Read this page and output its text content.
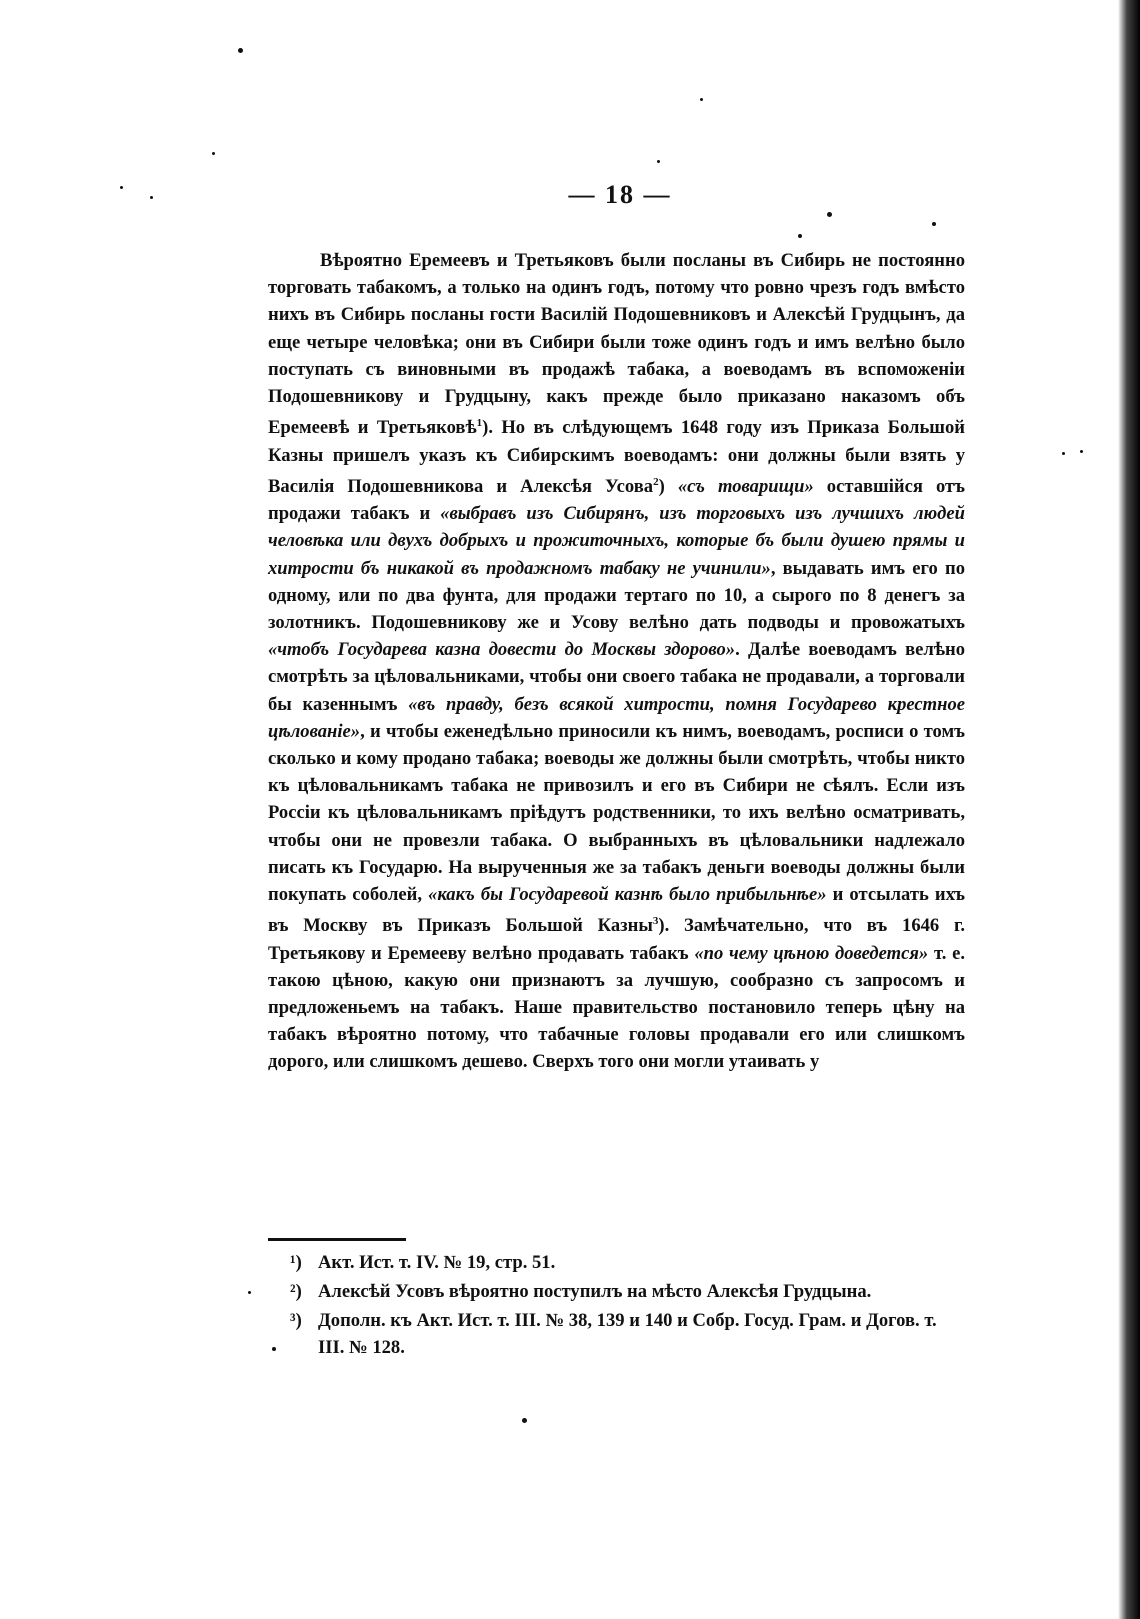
— 18 —

Вѣроятно Еремеевъ и Третьяковъ были посланы въ Сибирь не постоянно торговать табакомъ, а только на одинъ годъ, потому что ровно чрезъ годъ вмѣсто нихъ въ Сибирь посланы гости Василій Подошевниковъ и Алексѣй Грудцынъ, да еще четыре человѣка; они въ Сибири были тоже одинъ годъ и имъ велѣно было поступать съ виновными въ продажѣ табака, а воеводамъ въ вспоможеніи Подошевникову и Грудцыну, какъ прежде было приказано наказомъ объ Еремеевѣ и Третьяковѣ$^1$). Но въ слѣдующемъ 1648 году изъ Приказа Большой Казны пришелъ указъ къ Сибирскимъ воеводамъ: они должны были взять у Василія Подошевникова и Алексѣя Усова$^2$) «съ товарищи» оставшійся отъ продажи табакъ и «выбравъ изъ Сибирянъ, изъ торговыхъ изъ лучшихъ людей человѣка или двухъ добрыхъ и прожиточныхъ, которые бъ были душею прямы и хитрости бъ никакой въ продажномъ табаку не учинили», выдавать имъ его по одному, или по два фунта, для продажи тертаго по 10, а сырого по 8 денегъ за золотникъ. Подошевникову же и Усову велѣно дать подводы и провожатыхъ «чтобъ Государева казна довести до Москвы здорово». Далѣе воеводамъ велѣно смотрѣть за цѣловальниками, чтобы они своего табака не продавали, а торговали бы казеннымъ «въ правду, безъ всякой хитрости, помня Государево крестное цѣлованіе», и чтобы еженедѣльно приносили къ нимъ, воеводамъ, росписи о томъ сколько и кому продано табака; воеводы же должны были смотрѣть, чтобы никто къ цѣловальникамъ табака не привозилъ и его въ Сибири не сѣялъ. Если изъ Россіи къ цѣловальникамъ пріѣдутъ родственники, то ихъ велѣно осматривать, чтобы они не провезли табака. О выбранныхъ въ цѣловальники надлежало писать къ Государю. На вырученныя же за табакъ деньги воеводы должны были покупать соболей, «какъ бы Государевой казнѣ было прибыльнѣе» и отсылать ихъ въ Москву въ Приказъ Большой Казны$^3$). Замѣчательно, что въ 1646 г. Третьякову и Еремееву велѣно продавать табакъ «по чему цѣною доведется» т. е. такою цѣною, какую они признаютъ за лучшую, сообразно съ запросомъ и предложеньемъ на табакъ. Наше правительство постановило теперь цѣну на табакъ вѣроятно потому, что табачные головы продавали его или слишкомъ дорого, или слишкомъ дешево. Сверхъ того они могли утаивать у

¹) Акт. Ист. т. IV. № 19, стр. 51.
²) Алексѣй Усовъ вѣроятно поступилъ на мѣсто Алексѣя Грудцына.
³) Дополн. къ Акт. Ист. т. III. № 38, 139 и 140 и Собр. Госуд. Грам. и Догов. т. III. № 128.
